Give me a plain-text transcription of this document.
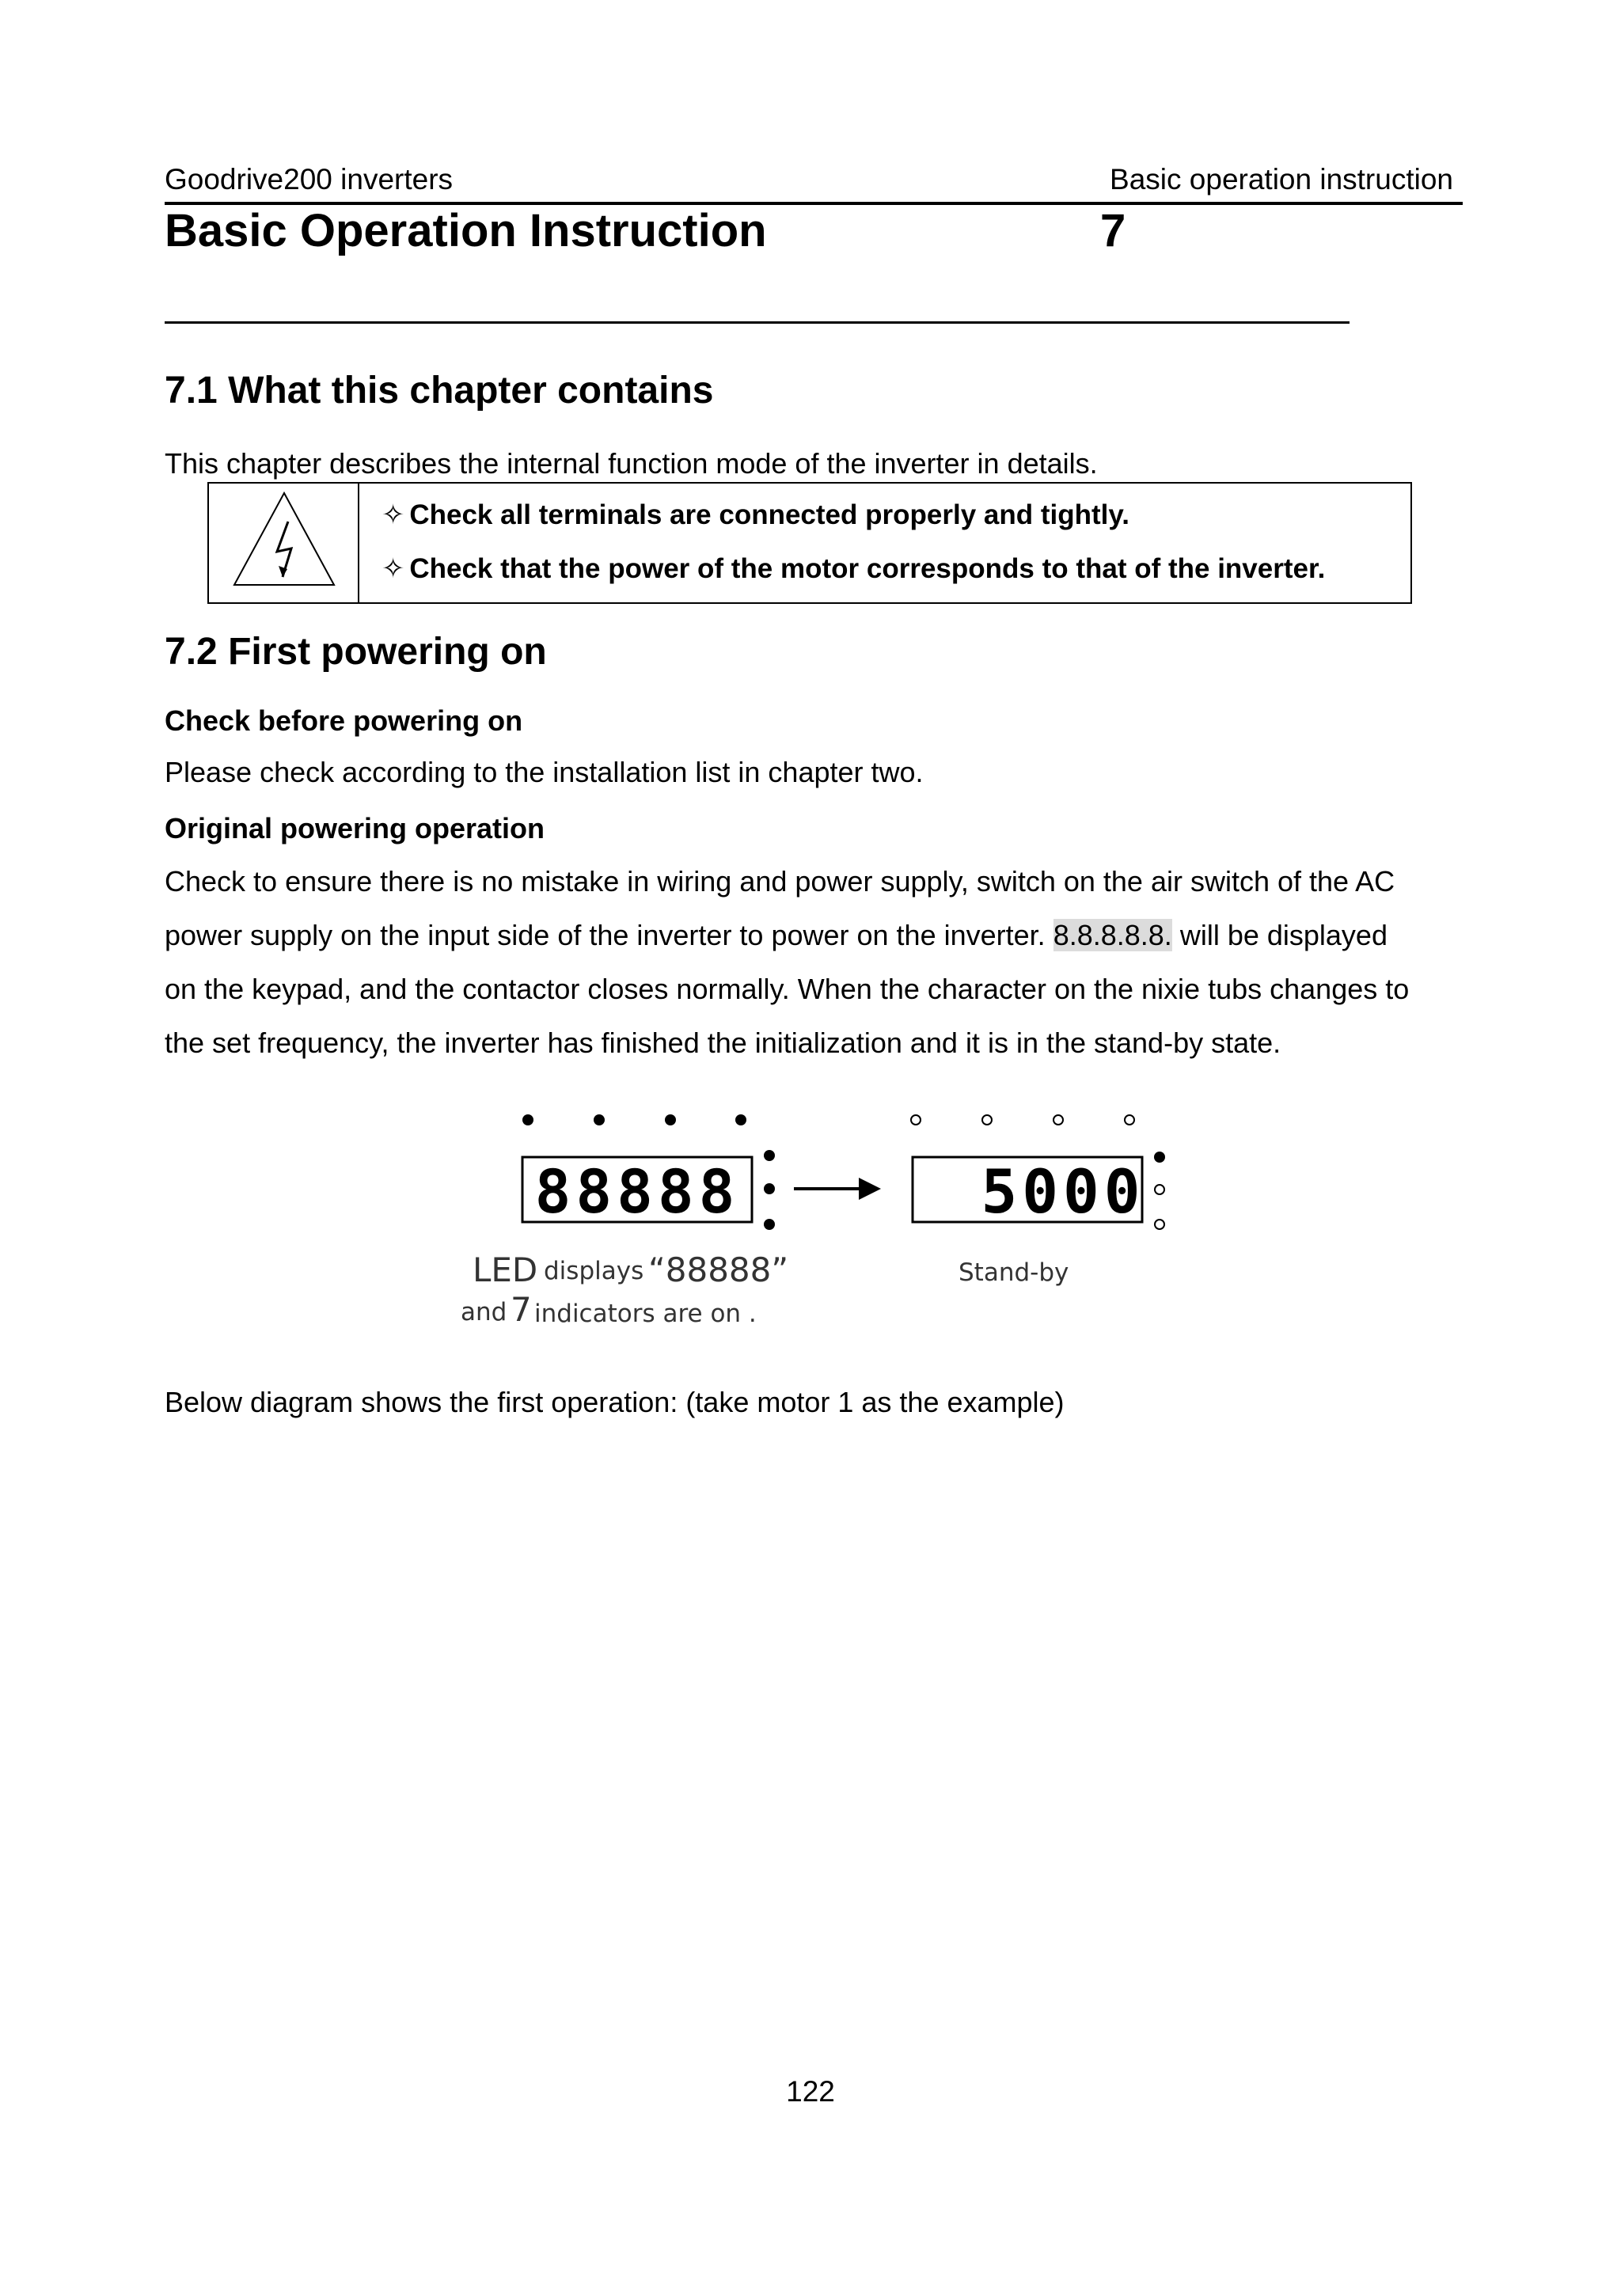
Goodrive200 inverters	Basic operation instruction
Basic Operation Instruction	7
7.1 What this chapter contains
This chapter describes the internal function mode of the inverter in details.
✧ Check all terminals are connected properly and tightly.
✧ Check that the power of the motor corresponds to that of the inverter.
7.2 First powering on
Check before powering on
Please check according to the installation list in chapter two.
Original powering operation
Check to ensure there is no mistake in wiring and power supply, switch on the air switch of the AC
power supply on the input side of the inverter to power on the inverter. 8.8.8.8.8. will be displayed
on the keypad, and the contactor closes normally. When the character on the nixie tubs changes to
the set frequency, the inverter has finished the initialization and it is in the stand-by state.
88888	5000
LED displays “88888”
and 7 indicators are on .
Stand-by
Below diagram shows the first operation: (take motor 1 as the example)
122
